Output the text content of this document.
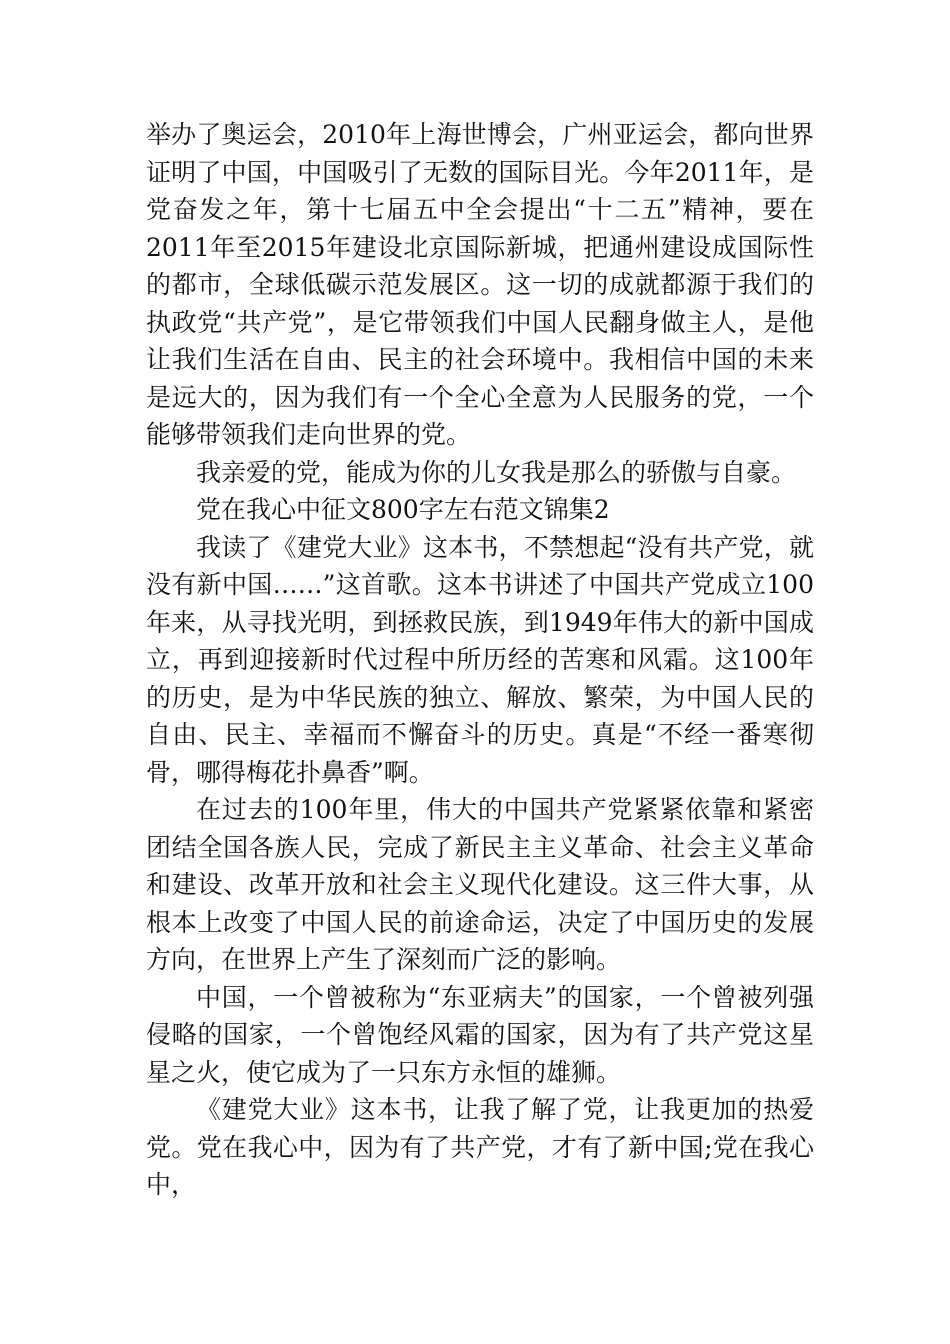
举办了奥运会，2010年上海世博会，广州亚运会，都向世界证明了中国，中国吸引了无数的国际目光。今年2011年，是党奋发之年，第十七届五中全会提出“十二五”精神，要在2011年至2015年建设北京国际新城，把通州建设成国际性的都市，全球低碳示范发展区。这一切的成就都源于我们的执政党“共产党”，是它带领我们中国人民翻身做主人，是他让我们生活在自由、民主的社会环境中。我相信中国的未来是远大的，因为我们有一个全心全意为人民服务的党，一个能够带领我们走向世界的党。

我亲爱的党，能成为你的儿女我是那么的骄傲与自豪。

党在我心中征文800字左右范文锦集2

我读了《建党大业》这本书，不禁想起“没有共产党，就没有新中国……”这首歌。这本书讲述了中国共产党成立100年来，从寻找光明，到拯救民族，到1949年伟大的新中国成立，再到迎接新时代过程中所历经的苦寒和风霜。这100年的历史，是为中华民族的独立、解放、繁荣，为中国人民的自由、民主、幸福而不懈奋斗的历史。真是“不经一番寒彻骨，哪得梅花扑鼻香”啊。

在过去的100年里，伟大的中国共产党紧紧依靠和紧密团结全国各族人民，完成了新民主主义革命、社会主义革命和建设、改革开放和社会主义现代化建设。这三件大事，从根本上改变了中国人民的前途命运，决定了中国历史的发展方向，在世界上产生了深刻而广泛的影响。

中国，一个曾被称为“东亚病夫”的国家，一个曾被列强侵略的国家，一个曾饱经风霜的国家，因为有了共产党这星星之火，使它成为了一只东方永恒的雄狮。

《建党大业》这本书，让我了解了党，让我更加的热爱党。党在我心中，因为有了共产党，才有了新中国;党在我心中，
